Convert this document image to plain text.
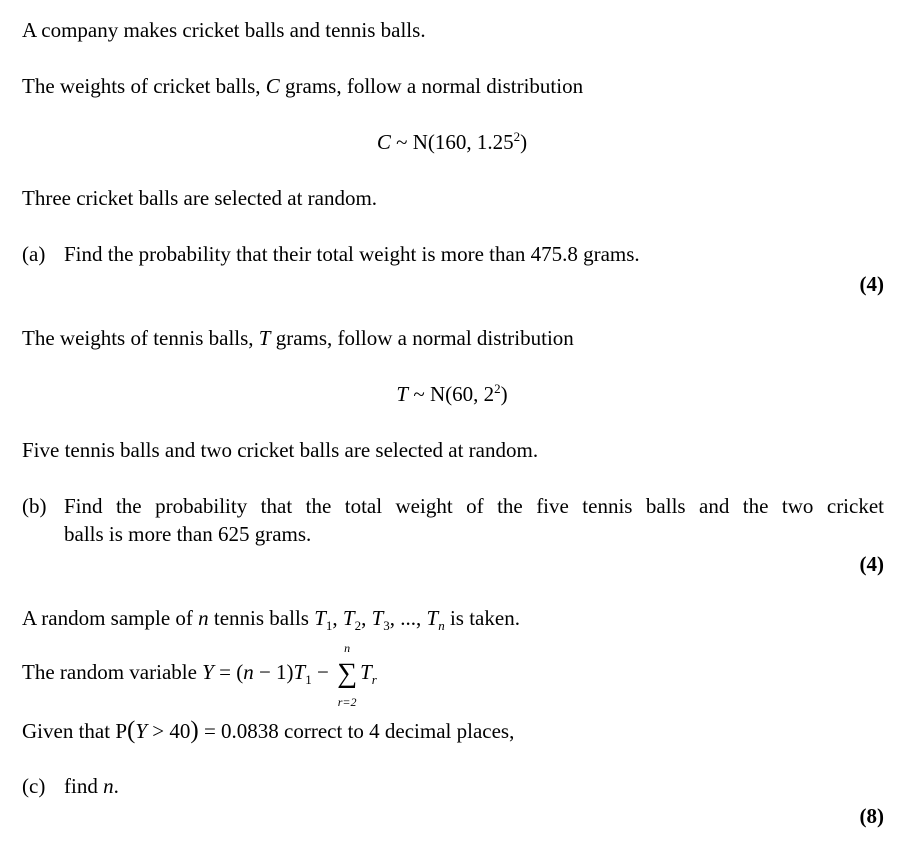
A company makes cricket balls and tennis balls.
The weights of cricket balls, C grams, follow a normal distribution
C ~ N(160, 1.25$^2$)
Three cricket balls are selected at random.
(a) Find the probability that their total weight is more than 475.8 grams.
(4)
The weights of tennis balls, T grams, follow a normal distribution
T ~ N(60, $2^2$)
Five tennis balls and two cricket balls are selected at random.
(b) Find the probability that the total weight of the five tennis balls and the two cricket
balls is more than 625 grams.
(4)
A random sample of n tennis balls $T_1$, $T_2$, $T_3$, ..., $T_n$ is taken.
The random variable $Y = (n - 1)T_1$ −
n
∑
r=2
$T_r$
Given that P(Y > 40) = 0.0838 correct to 4 decimal places,
(c) find n.
(8)
